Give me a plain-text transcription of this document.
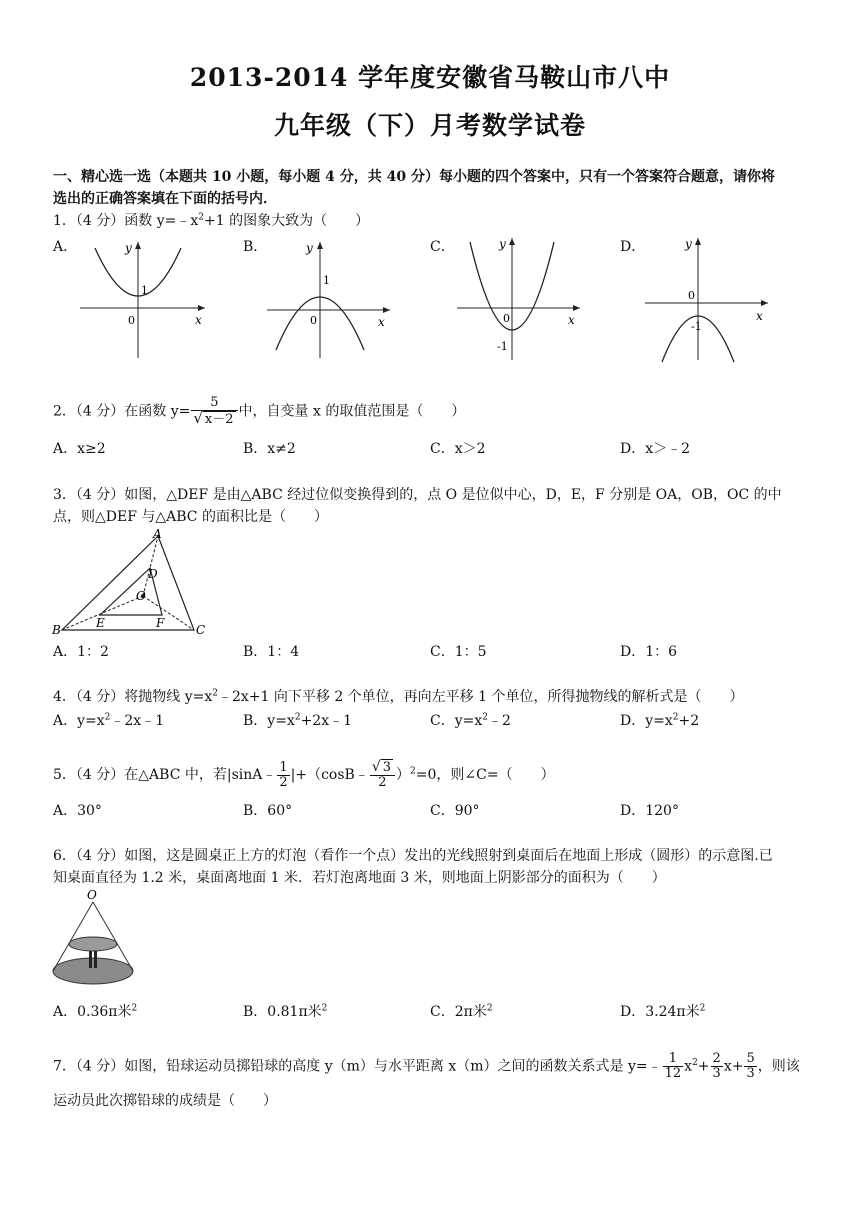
2013-2014 学年度安徽省马鞍山市八中
九年级（下）月考数学试卷
一、精心选一选（本题共 10 小题，每小题 4 分，共 40 分）每小题的四个答案中，只有一个答案符合题意，请你将
选出的正确答案填在下面的括号内．
1．（4 分）函数 $y=﹣x^2+1$ 的图象大致为（　　）
A．	B．	C．	D．
y
x
0
1
y
x
0
1
y
x
0
-1
y
x
0
-1
2．（4 分）在函数 $y= \frac{5}{√ x-2}$ 中，自变量 x 的取值范围是（　　）
A．x≥2	B．x≠2	C．x＞2	D．x＞﹣2
3．（4 分）如图，△DEF 是由△ABC 经过位似变换得到的，点 O 是位似中心，D，E，F 分别是 OA，OB，OC 的中
点，则△DEF 与△ABC 的面积比是（　　）
A
B	C
D
E	F
O
A．1：2	B．1：4	C．1：5	D．1：6
4．（4 分）将抛物线 $y=x^2﹣2x+1$ 向下平移 2 个单位，再向左平移 1 个单位，所得抛物线的解析式是（　　）
A．$y=x^2﹣2x﹣1$	B．$y=x^2+2x﹣1$	C．$y=x^2﹣2$	D．$y=x^2+2$
5．（4 分）在△ABC 中，若|sinA﹣ $\frac{1}{2}$ |+（cosB﹣ $\frac{√ 3}{2} )^2=0$，则∠C=（　　）
A．30°	B．60°	C．90°	D．120°
6．（4 分）如图，这是圆桌正上方的灯泡（看作一个点）发出的光线照射到桌面后在地面上形成（圆形）的示意图.已
知桌面直径为 1.2 米，桌面离地面 1 米．若灯泡离地面 3 米，则地面上阴影部分的面积为（　　）
O
A．0.36π米$^2$	B．0.81π米$^2$	C．2π米$^2$	D．3.24π米$^2$
7．（4 分）如图，铅球运动员掷铅球的高度 y（m）与水平距离 x（m）之间的函数关系式是 y=﹣ $\frac{1}{12} x^2+ \frac{2}{3} x+ \frac{5}{3}$ ，则该
运动员此次掷铅球的成绩是（　　）
